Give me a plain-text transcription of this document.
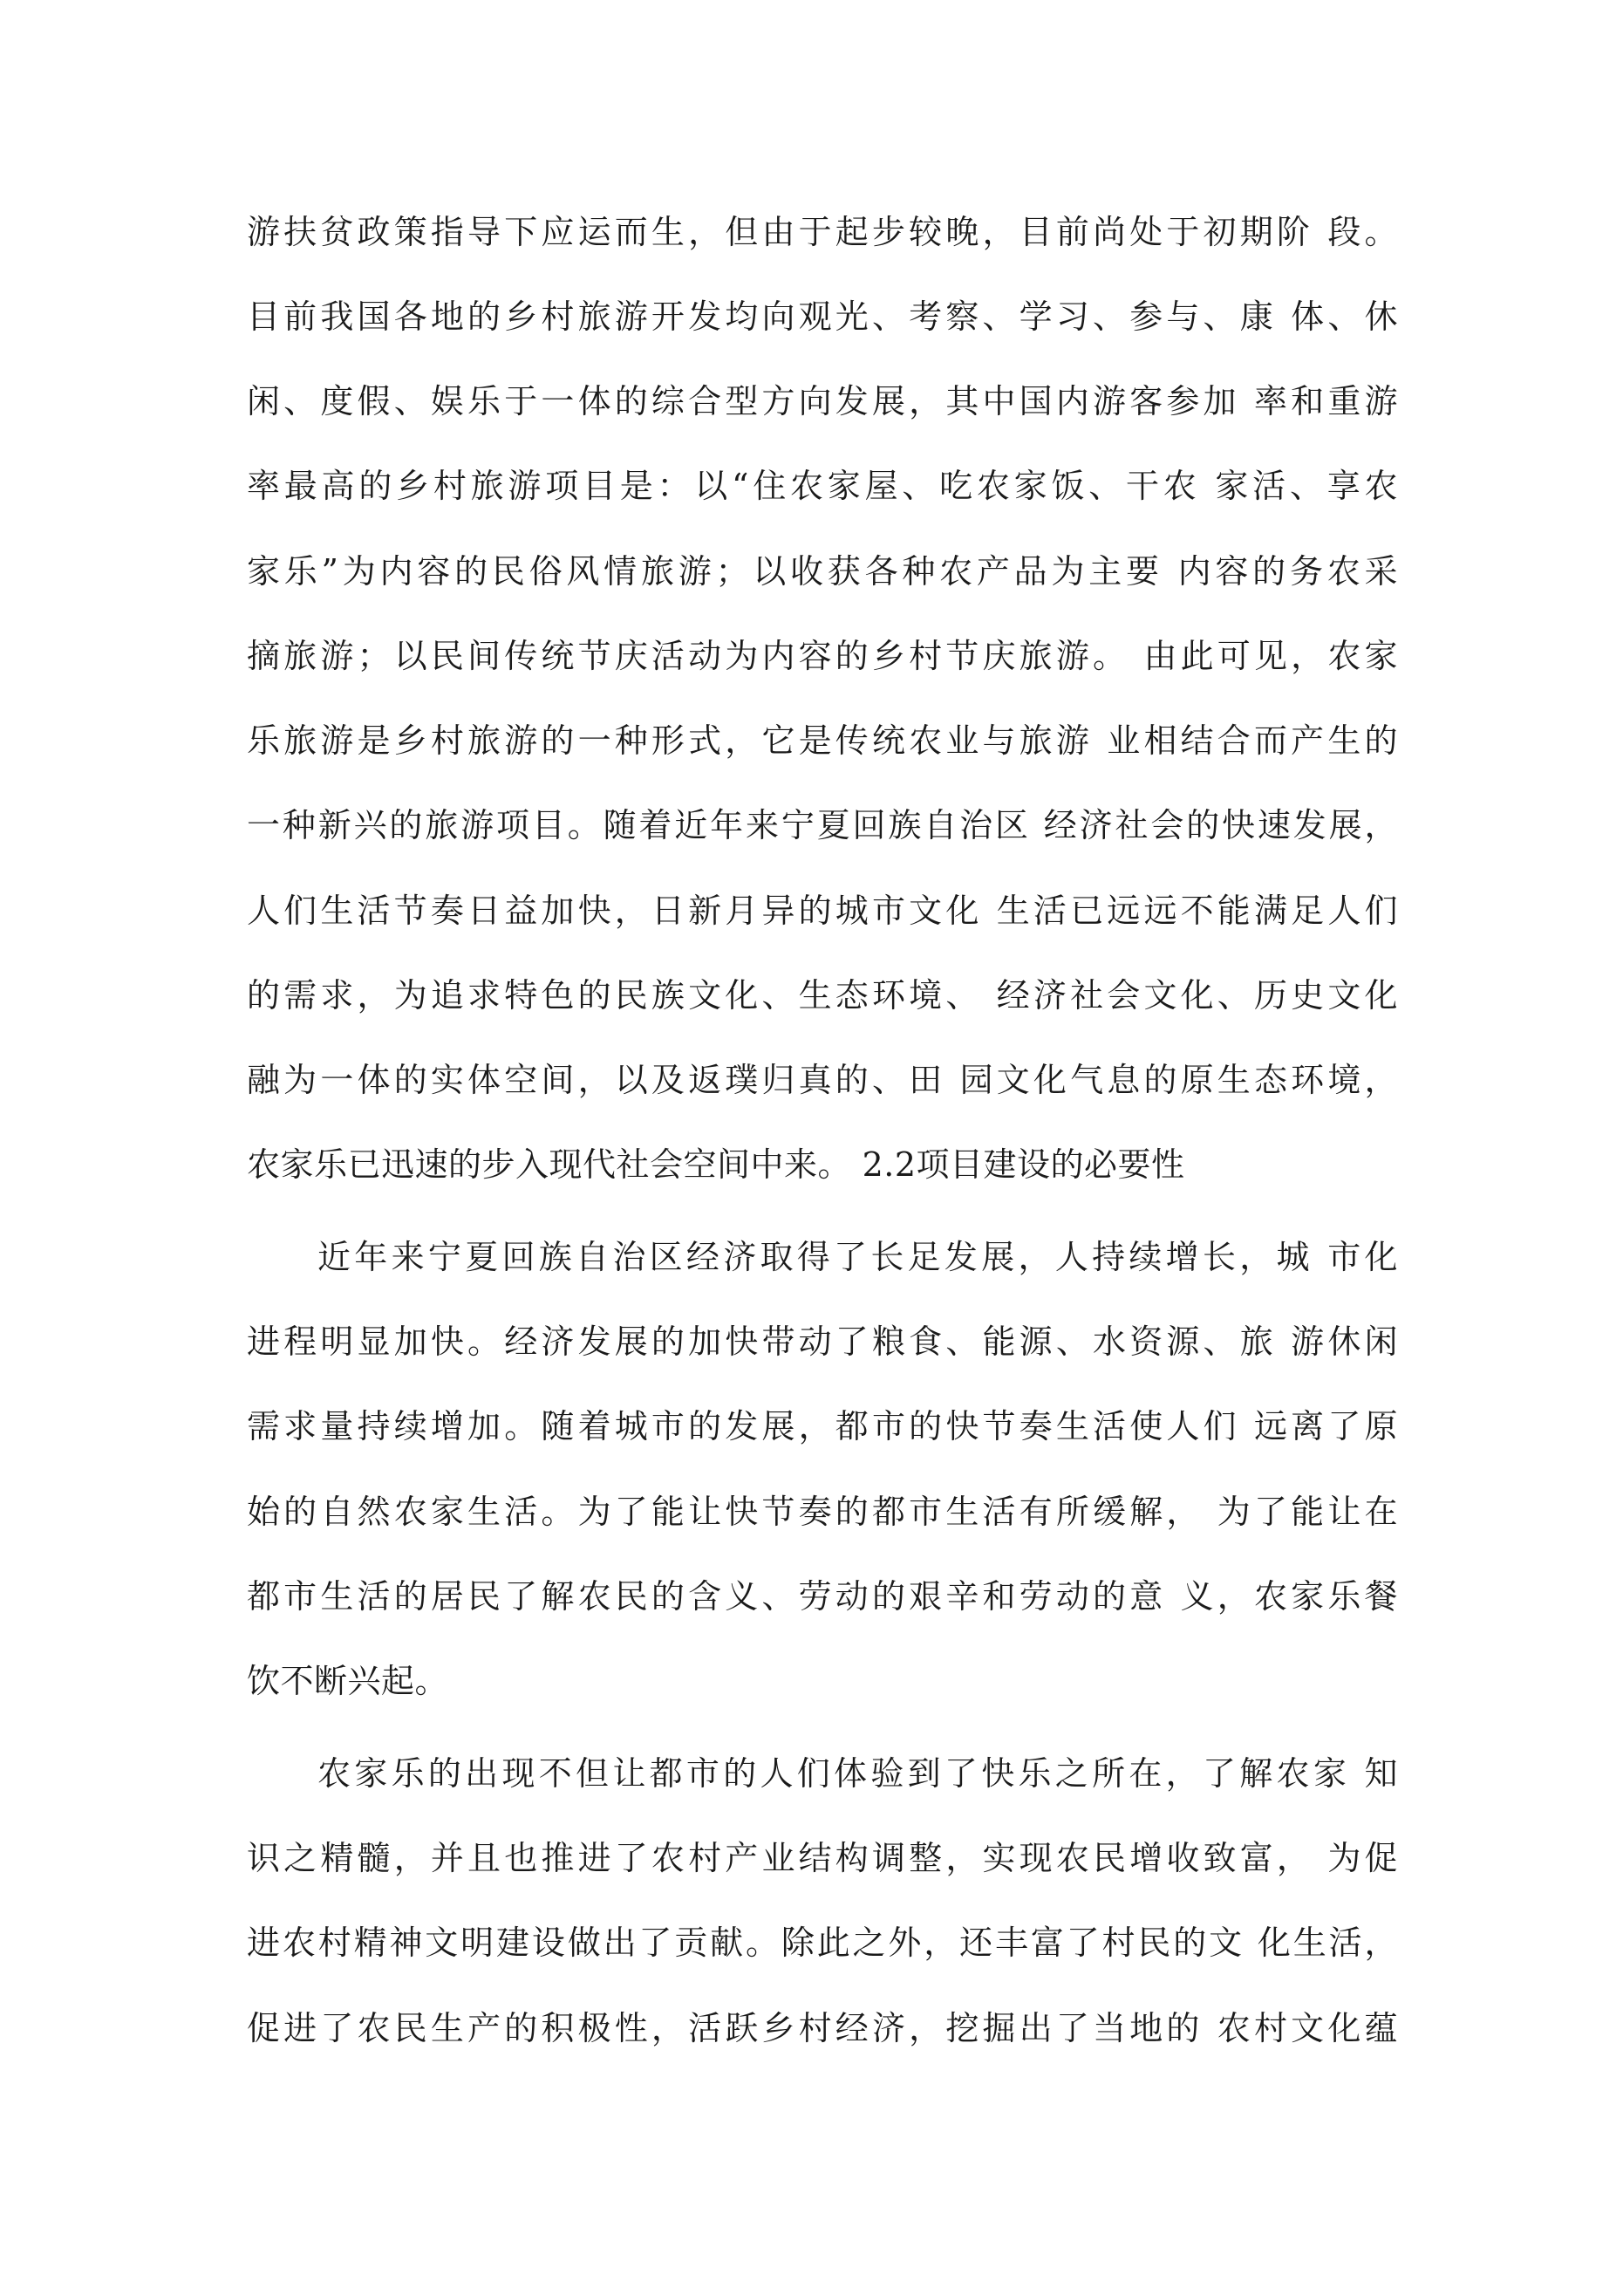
游扶贫政策指导下应运而生，但由于起步较晚，目前尚处于初期阶 段。
目前我国各地的乡村旅游开发均向观光、考察、学习、参与、康 体、休
闲、度假、娱乐于一体的综合型方向发展，其中国内游客参加 率和重游
率最高的乡村旅游项目是：以“住农家屋、吃农家饭、干农 家活、享农
家乐”为内容的民俗风情旅游；以收获各种农产品为主要 内容的务农采
摘旅游；以民间传统节庆活动为内容的乡村节庆旅游。 由此可见，农家
乐旅游是乡村旅游的一种形式，它是传统农业与旅游 业相结合而产生的
一种新兴的旅游项目。随着近年来宁夏回族自治区 经济社会的快速发展，
人们生活节奏日益加快，日新月异的城市文化 生活已远远不能满足人们
的需求，为追求特色的民族文化、生态环境、 经济社会文化、历史文化
融为一体的实体空间，以及返璞归真的、田 园文化气息的原生态环境，
农家乐已迅速的步入现代社会空间中来。 2.2项目建设的必要性
近年来宁夏回族自治区经济取得了长足发展，人持续增长，城 市化
进程明显加快。经济发展的加快带动了粮食、能源、水资源、旅 游休闲
需求量持续增加。随着城市的发展，都市的快节奏生活使人们 远离了原
始的自然农家生活。为了能让快节奏的都市生活有所缓解， 为了能让在
都市生活的居民了解农民的含义、劳动的艰辛和劳动的意 义，农家乐餐
饮不断兴起。
农家乐的出现不但让都市的人们体验到了快乐之所在，了解农家 知
识之精髓，并且也推进了农村产业结构调整，实现农民增收致富， 为促
进农村精神文明建设做出了贡献。除此之外，还丰富了村民的文 化生活，
促进了农民生产的积极性，活跃乡村经济，挖掘出了当地的 农村文化蕴
